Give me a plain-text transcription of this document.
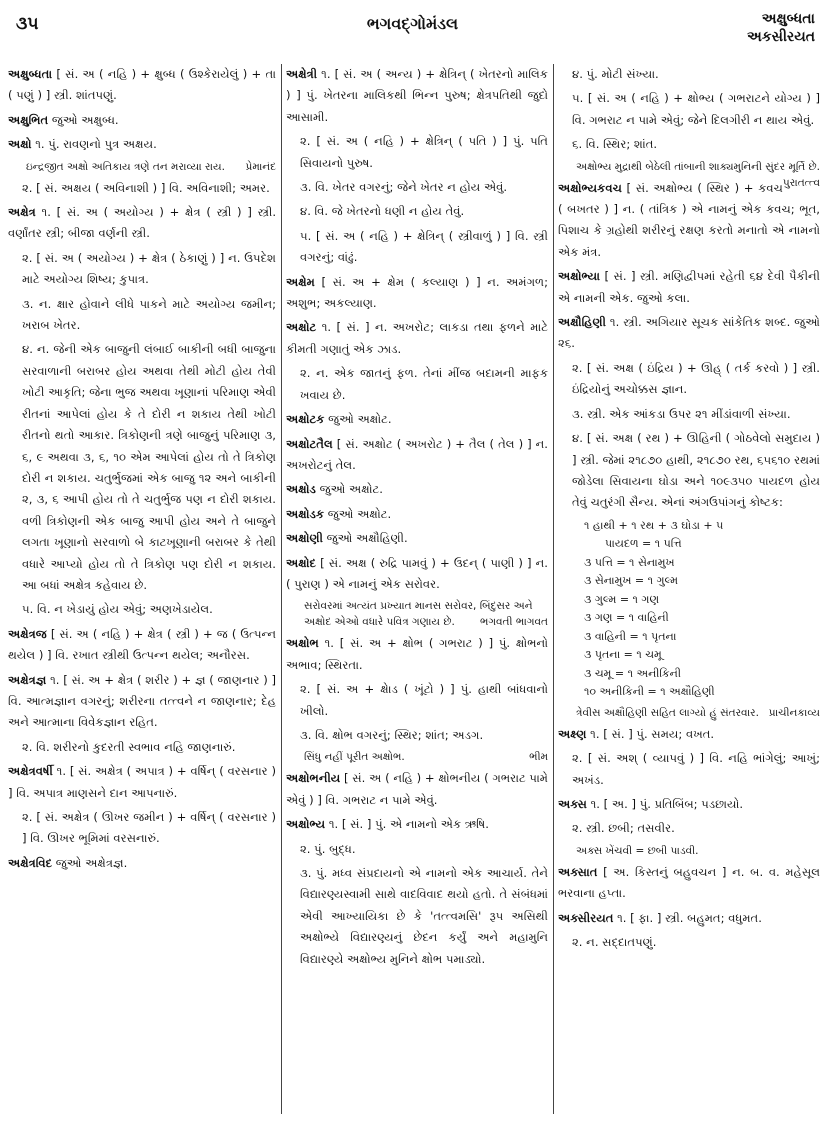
૩૫	ભગવદ્ગોમંડલ	અક્ષુબ્ધતા
અકસીરયત
અક્ષુબ્ધતા [ સં. અ ( નહિ ) + ક્ષુબ્ધ ( ઉશ્કેરાયેલું ) + તા ( પણું ) ] સ્ત્રી. શાંતપણું.
અક્ષુભિત જુઓ અક્ષુબ્ધ.
અક્ષો ૧. પું. રાવણનો પુત્ર અક્ષય.
ઇન્દ્રજીત અક્ષો અતિકાય ત્રણે તન મરાવ્યા રાય. પ્રેમાનંદ
૨. [ સં. અક્ષય ( અવિનાશી ) ] વિ. અવિનાશી; અમર.
અક્ષેત્ર ૧. [ સં. અ ( અયોગ્ય ) + ક્ષેત્ર ( સ્ત્રી ) ] સ્ત્રી. વર્ણાંતર સ્ત્રી; બીજા વર્ણની સ્ત્રી.
૨. [ સં. અ ( અયોગ્ય ) + ક્ષેત્ર ( ઠેકાણું ) ] ન. ઉપદેશ માટે અયોગ્ય શિષ્ય; કુપાત્ર.
૩. ન. ક્ષાર હોવાને લીધે પાકને માટે અયોગ્ય જમીન; ખરાબ ખેતર.
૪. ન. જેની એક બાજુની લંબાઈ બાકીની બધી બાજુના સરવાળાની બરાબર હોય અથવા તેથી મોટી હોય તેવી ખોટી આકૃતિ; જેના ભુજ અથવા ખૂણાનાં પરિમાણ એવી રીતનાં આપેલાં હોય કે તે દોરી ન શકાય તેથી ખોટી રીતનો થતો આકાર. ત્રિકોણની ત્રણે બાજુનું પરિમાણ ૩, ૬, ૯ અથવા ૩, ૬, ૧૦ એમ આપેલાં હોય તો તે ત્રિકોણ દોરી ન શકાય. ચતુર્ભુજમાં એક બાજુ ૧૨ અને બાકીની ૨, ૩, ૬ આપી હોય તો તે ચતુર્ભુજ પણ ન દોરી શકાય. વળી ત્રિકોણની એક બાજુ આપી હોય અને તે બાજુને લગતા ખૂણાનો સરવાળો બે કાટખૂણાની બરાબર કે તેથી વધારે આપ્યો હોય તો તે ત્રિકોણ પણ દોરી ન શકાય. આ બધાં અક્ષેત્ર કહેવાય છે.
૫. વિ. ન ખેડાયું હોય એવું; અણખેડાયેલ.
અક્ષેત્રજ [ સં. અ ( નહિ ) + ક્ષેત્ર ( સ્ત્રી ) + જ ( ઉત્પન્ન થયેલ ) ] વિ. રખાત સ્ત્રીથી ઉત્પન્ન થયેલ; અનૌરસ.
અક્ષેત્રજ્ઞ ૧. [ સં. અ + ક્ષેત્ર ( શરીર ) + જ્ઞ ( જાણનાર ) ] વિ. આત્મજ્ઞાન વગરનું; શરીરના તત્ત્વને ન જાણનાર; દેહ અને આત્માના વિવેકજ્ઞાન રહિત.
૨. વિ. શરીરનો કુદરતી સ્વભાવ નહિ જાણનારું.
અક્ષેત્રવર્ષી ૧. [ સં. અક્ષેત્ર ( અપાત્ર ) + વર્ષિન્ ( વરસનાર ) ] વિ. અપાત્ર માણસને દાન આપનારું.
૨. [ સં. અક્ષેત્ર ( ઊખર જમીન ) + વર્ષિન્ ( વરસનાર ) ] વિ. ઊખર ભૂમિમાં વરસનારું.
અક્ષેત્રવિદ જુઓ અક્ષેત્રજ્ઞ.
અક્ષેત્રી ૧. [ સં. અ ( અન્ય ) + ક્ષેત્રિન્ ( ખેતરનો માલિક ) ] પું. ખેતરના માલિકથી ભિન્ન પુરુષ; ક્ષેત્રપતિથી જુદો આસામી.
૨. [ સં. અ ( નહિ ) + ક્ષેત્રિન્ ( પતિ ) ] પું. પતિ સિવાયનો પુરુષ.
૩. વિ. ખેતર વગરનું; જેને ખેતર ન હોય એવું.
૪. વિ. જે ખેતરનો ધણી ન હોય તેવું.
૫. [ સં. અ ( નહિ ) + ક્ષેત્રિન્ ( સ્ત્રીવાળું ) ] વિ. સ્ત્રી વગરનું; વાંઢું.
અક્ષેમ [ સં. અ + ક્ષેમ ( કલ્યાણ ) ] ન. અમંગળ; અશુભ; અકલ્યાણ.
અક્ષોટ ૧. [ સં. ] ન. અખરોટ; લાકડા તથા ફળને માટે કીમતી ગણાતું એક ઝાડ.
૨. ન. એક જાતનું ફળ. તેનાં મીંજ બદામની માફક ખવાય છે.
અક્ષોટક જુઓ અક્ષોટ.
અક્ષોટતૈલ [ સં. અક્ષોટ ( અખરોટ ) + તૈલ ( તેલ ) ] ન. અખરોટનું તેલ.
અક્ષોડ જુઓ અક્ષોટ.
અક્ષોડક જુઓ અક્ષોટ.
અક્ષોણી જુઓ અક્ષૌહિણી.
અક્ષોદ [ સં. અક્ષ ( રુદ્રિ પામવું ) + ઉદન્ ( પાણી ) ] ન. ( પુરાણ ) એ નામનું એક સરોવર.
સરોવરમાં અત્યંત પ્રખ્યાત માનસ સરોવર, બિંદુસર અને અક્ષોદ એઓ વધારે પવિત્ર ગણાય છે. ભગવતી ભાગવત
અક્ષોભ ૧. [ સં. અ + ક્ષોભ ( ગભરાટ ) ] પું. ક્ષોભનો અભાવ; સ્થિરતા.
૨. [ સં. અ + ક્ષેાડ ( ખૂંટો ) ] પું. હાથી બાંધવાનો ખીલો.
૩. વિ. ક્ષોભ વગરનું; સ્થિર; શાંત; અડગ.
સિંધુ નહીં પૂરીત અક્ષોભ.	ભીમ
અક્ષોભનીય [ સં. અ ( નહિ ) + ક્ષોભનીય ( ગભરાટ પામે એવું ) ] વિ. ગભરાટ ન પામે એવું.
અક્ષોભ્ય ૧. [ સં. ] પું. એ નામનો એક ઋષિ.
૨. પું. બુદ્ધ.
૩. પું. મધ્વ સંપ્રદાયનો એ નામનો એક આચાર્ય. તેને વિદ્યારણ્યસ્વામી સાથે વાદવિવાદ થયો હતો. તે સંબંધમાં એવી આખ્યાયિકા છે કે 'તત્ત્વમસિ' રૂપ અસિથી અક્ષોભ્યે વિદ્યારણ્યનું છેદન કર્યું અને મહામુનિ વિદ્યારણ્યે અક્ષોભ્ય મુનિને ક્ષોભ પમાડ્યો.
૪. પું. મોટી સંખ્યા.
૫. [ સં. અ ( નહિ ) + ક્ષોભ્ય ( ગભરાટને યોગ્ય ) ] વિ. ગભરાટ ન પામે એવું; જેને દિલગીરી ન થાય એવું.
૬. વિ. સ્થિર; શાંત.
અક્ષોભ્ય મુદ્રાથી બેઠેલી તાંબાની શાક્યમુનિની સુંદર મૂર્તિ છે.
પુરાતત્ત્વ
અક્ષોભ્યકવચ [ સં. અક્ષોભ્ય ( સ્થિર ) + કવચ ( બખતર ) ] ન. ( તાંત્રિક ) એ નામનું એક કવચ; ભૂત, પિશાચ કે ગ્રહોથી શરીરનું રક્ષણ કરતો મનાતો એ નામનો એક મંત્ર.
અક્ષોભ્યા [ સં. ] સ્ત્રી. મણિદ્વીપમાં રહેતી ૬૪ દેવી પૈકીની એ નામની એક. જુઓ કલા.
અક્ષૌહિણી ૧. સ્ત્રી. અગિયાર સૂચક સાંકેતિક શબ્દ. જુઓ ૨૬.
૨. [ સં. અક્ષ ( ઇંદ્રિય ) + ઊહ્ ( તર્ક કરવો ) ] સ્ત્રી. ઇંદ્રિયોનું અચોક્કસ જ્ઞાન.
૩. સ્ત્રી. એક આંકડા ઉપર ૨૧ મીંડાંવાળી સંખ્યા.
૪. [ સં. અક્ષ ( રથ ) + ઊહિની ( ગોઠવેલો સમુદાય ) ] સ્ત્રી. જેમાં ૨૧૮૭૦ હાથી, ૨૧૮૭૦ રથ, ૬૫૬૧૦ રથમાં જોડેલા સિવાયના ઘોડા અને ૧૦૯૩૫૦ પાયદળ હોય તેવું ચતુરંગી સૈન્ય. એનાં અંગઉપાંગનું કોષ્ટક:
૧ હાથી + ૧ રથ + ૩ ઘોડા + ૫
પાયદળ = ૧ પત્તિ
૩ પત્તિ = ૧ સેનામુખ
૩ સેનામુખ = ૧ ગુલ્મ
૩ ગુલ્મ = ૧ ગણ
૩ ગણ = ૧ વાહિની
૩ વાહિની = ૧ પૃતના
૩ પૃતના = ૧ ચમૂ
૩ ચમૂ = ૧ અનીકિની
૧૦ અનીકિની = ૧ અક્ષૌહિણી
ત્રેવીસ અક્ષૌહિણી સહિત લાગ્યો હું સંતરવાર. પ્રાચીનકાવ્ય
અક્ષ્ણ ૧. [ સં. ] પું. સમય; વખત.
૨. [ સં. અશ્ ( વ્યાપવું ) ] વિ. નહિ ભાંગેલું; આખું; અખંડ.
અક્સ ૧. [ અ. ] પું. પ્રતિબિંબ; પડછાયો.
૨. સ્ત્રી. છબી; તસવીર.
અક્સ ખેંચવી = છબી પાડવી.
અક્સાત [ અ. કિસ્તનું બહુવચન ] ન. બ. વ. મહેસૂલ ભરવાના હપ્તા.
અક્સીરયત ૧. [ ફા. ] સ્ત્રી. બહુમત; વધુમત.
૨. ન. સદ્દાતપણું.
